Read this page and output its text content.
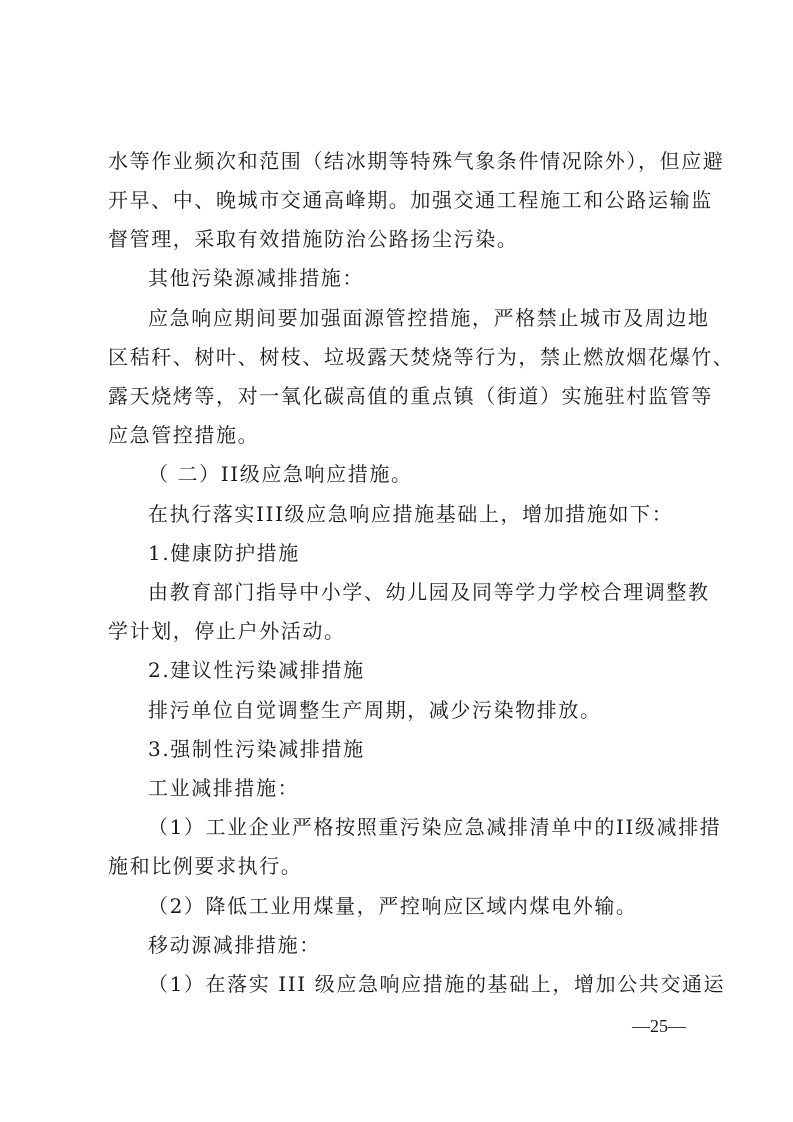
水等作业频次和范围（结冰期等特殊气象条件情况除外），但应避
开早、中、晚城市交通高峰期。加强交通工程施工和公路运输监
督管理，采取有效措施防治公路扬尘污染。
其他污染源减排措施：
应急响应期间要加强面源管控措施，严格禁止城市及周边地
区秸秆、树叶、树枝、垃圾露天焚烧等行为，禁止燃放烟花爆竹、
露天烧烤等，对一氧化碳高值的重点镇（街道）实施驻村监管等
应急管控措施。
（ 二）II级应急响应措施。
在执行落实III级应急响应措施基础上，增加措施如下：
1.健康防护措施
由教育部门指导中小学、幼儿园及同等学力学校合理调整教
学计划，停止户外活动。
2.建议性污染减排措施
排污单位自觉调整生产周期，减少污染物排放。
3.强制性污染减排措施
工业减排措施：
（1）工业企业严格按照重污染应急减排清单中的II级减排措
施和比例要求执行。
（2）降低工业用煤量，严控响应区域内煤电外输。
移动源减排措施：
（1）在落实 III 级应急响应措施的基础上，增加公共交通运
—25—
